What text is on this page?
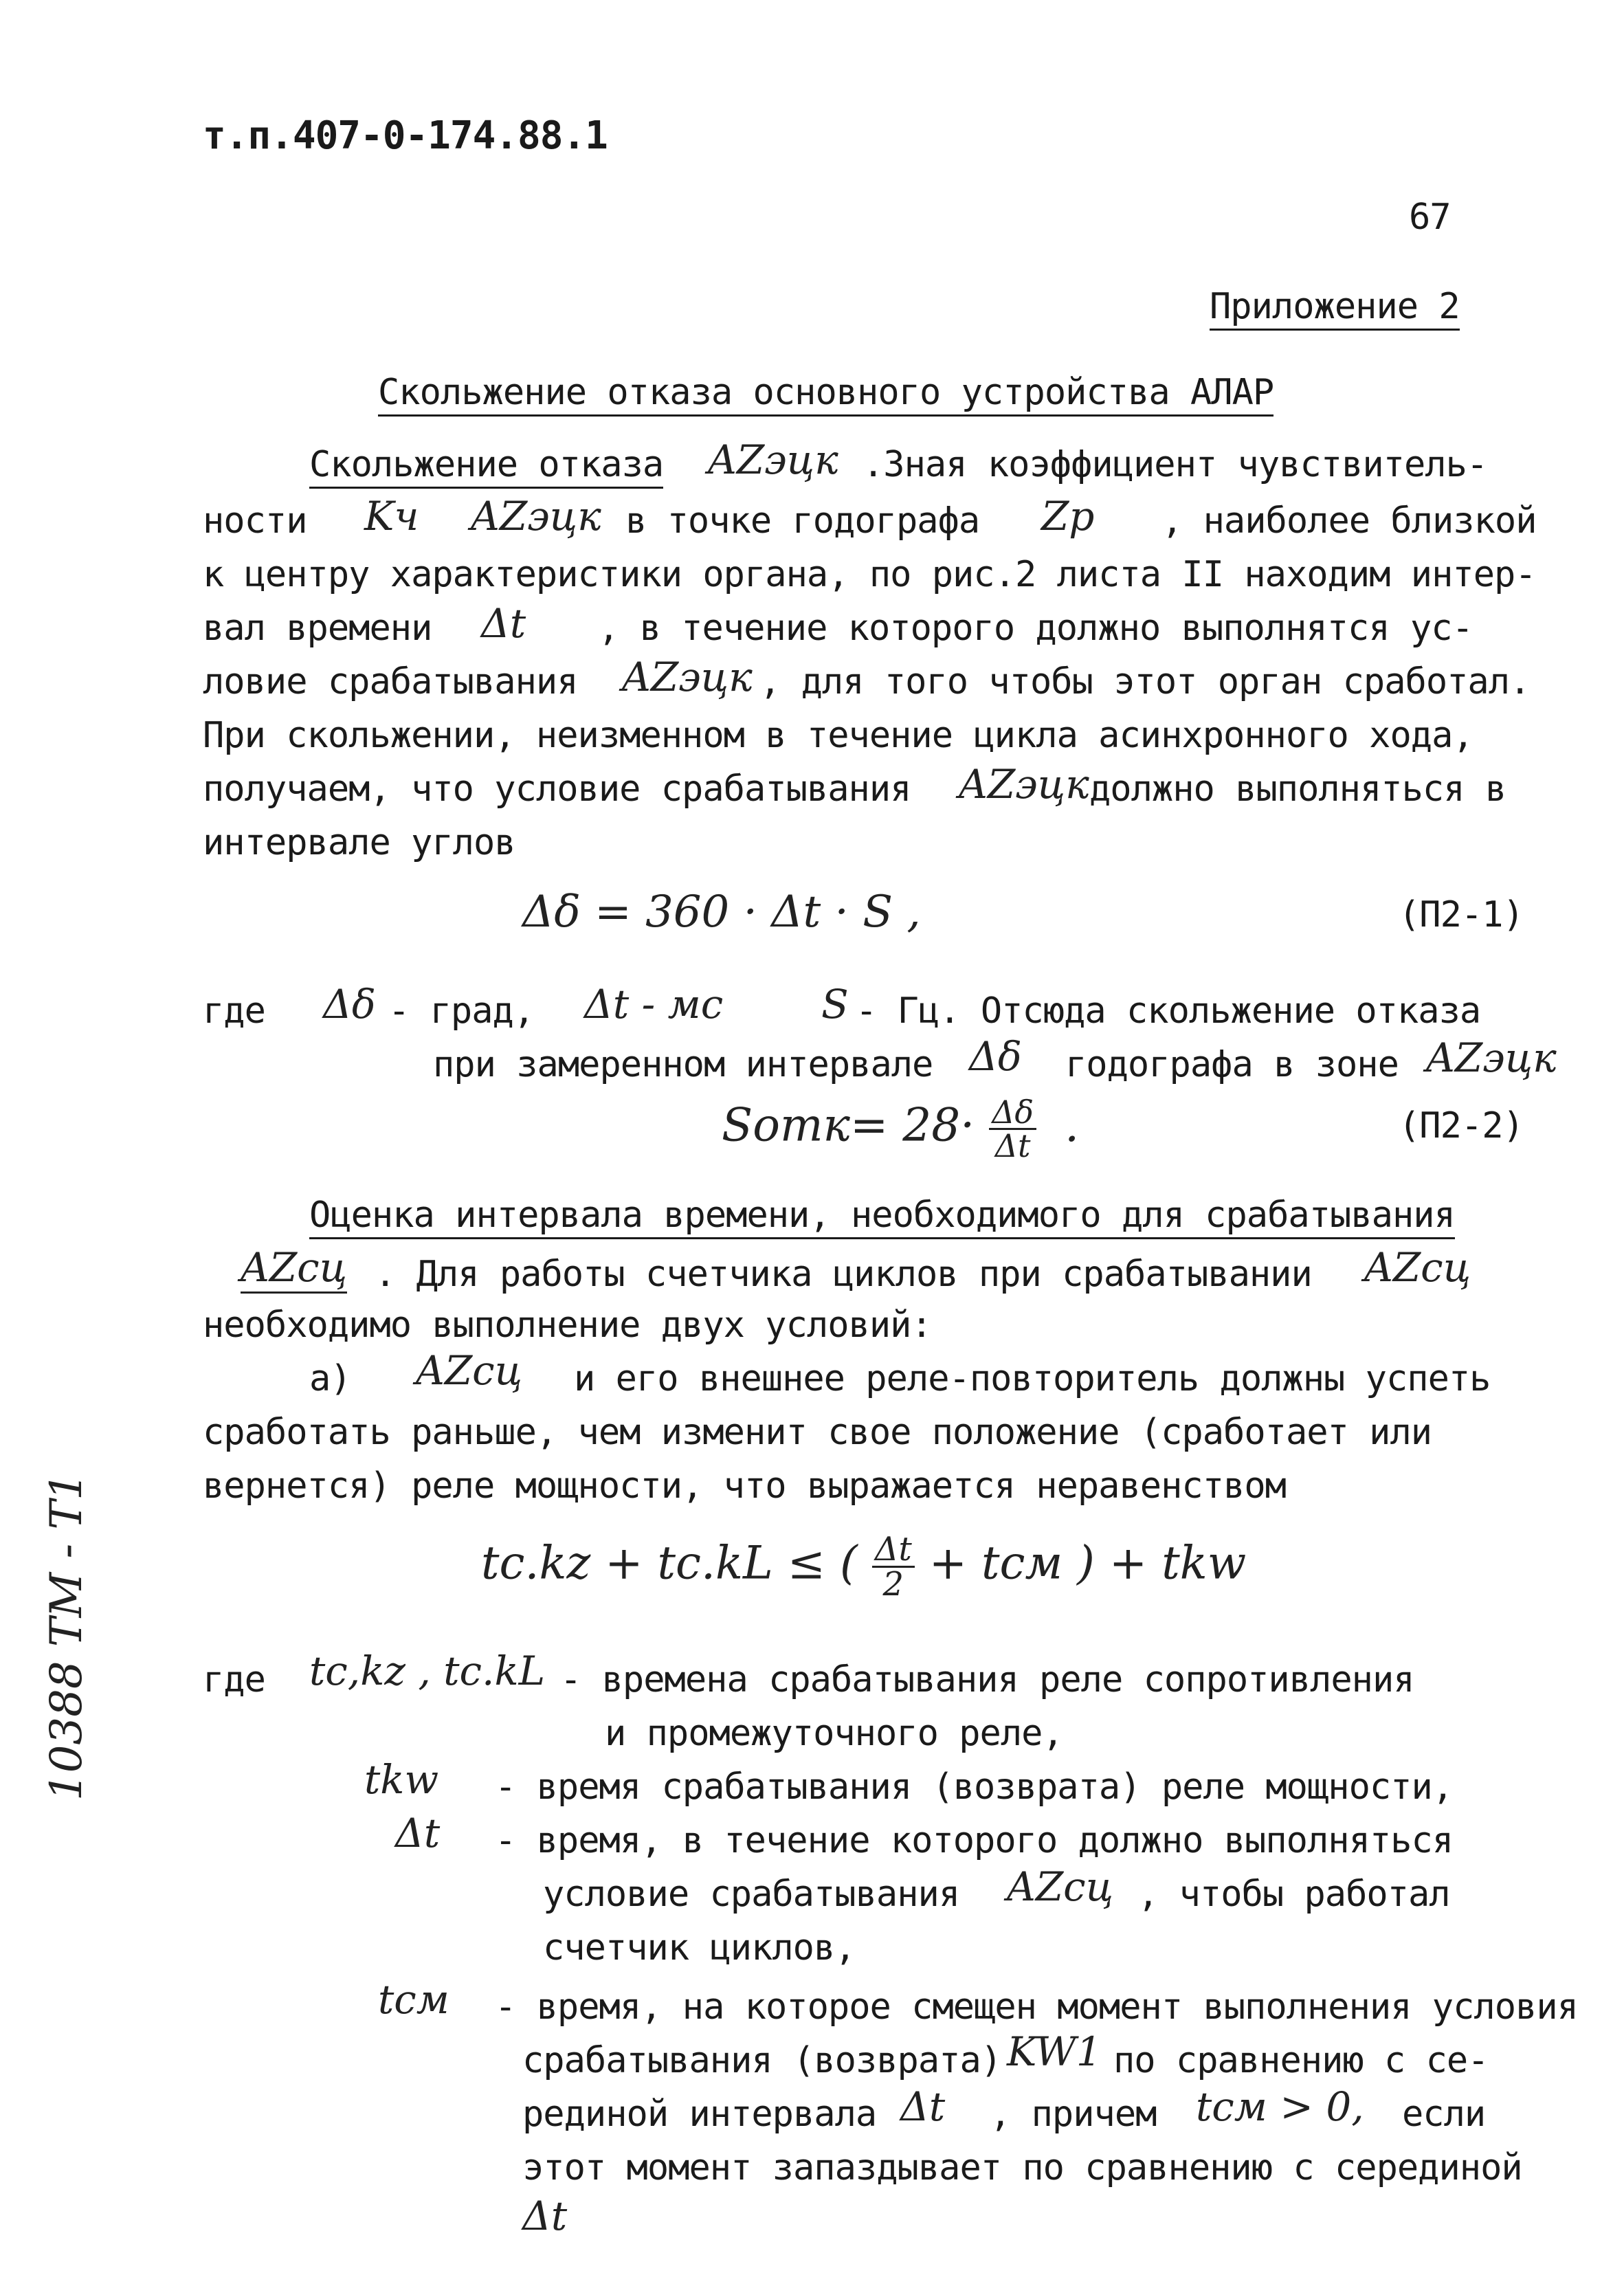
т.п.407-0-174.88.1
67
Приложение 2
Скольжение отказа основного устройства АЛАР
Скольжение отказа AZэцк .Зная коэффициент чувствитель-
ности Kч AZэцк в точке годографа Zp , наиболее близкой
к центру характеристики органа, по рис.2 листа II находим интер-
вал времени Δt , в течение которого должно выполнятся ус-
ловие срабатывания AZэцк , для того чтобы этот орган сработал.
При скольжении, неизменном в течение цикла асинхронного хода,
получаем, что условие срабатывания AZэцк должно выполняться в
интервале углов
Δδ = 360 · Δt · S ,	(П2-1)
где Δδ - град, Δt - мс S - Гц. Отсюда скольжение отказа
при замеренном интервале Δδ годографа в зоне AZэцк
Sотк= $28\cdot \frac{\Delta\delta}{\Delta t}$ .	(П2-2)
Оценка интервала времени, необходимого для срабатывания
AZсц . Для работы счетчика циклов при срабатывании AZсц
необходимо выполнение двух условий:
а) AZсц и его внешнее реле-повторитель должны успеть
сработать раньше, чем изменит свое положение (сработает или
вернется) реле мощности, что выражается неравенством
tс.kz + tс.kL ≤ ( $\frac{\Delta t}{2}$ + tсм ) + tkw
где tс,kz , tс.kL - времена срабатывания реле сопротивления
и промежуточного реле,
tkw - время срабатывания (возврата) реле мощности,
Δt - время, в течение которого должно выполняться
условие срабатывания AZсц , чтобы работал
счетчик циклов,
tсм - время, на которое смещен момент выполнения условия
срабатывания (возврата) KW1 по сравнению с се-
рединой интервала Δt , причем tсм > 0, если
этот момент запаздывает по сравнению с серединой
Δt
10388 ТМ - Т1
